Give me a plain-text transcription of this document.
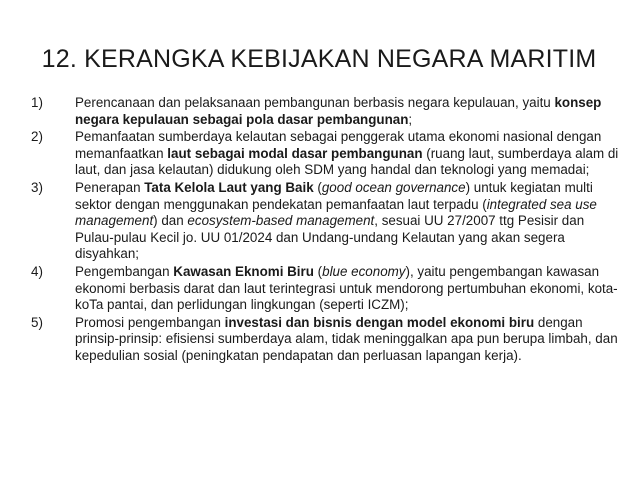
12. KERANGKA KEBIJAKAN NEGARA MARITIM
1)	Perencanaan dan pelaksanaan pembangunan berbasis negara kepulauan, yaitu konsep negara kepulauan sebagai pola dasar pembangunan;
2)	Pemanfaatan sumberdaya kelautan sebagai penggerak utama ekonomi nasional dengan memanfaatkan laut sebagai modal dasar pembangunan (ruang laut, sumberdaya alam di laut, dan jasa kelautan) didukung oleh SDM yang handal dan teknologi yang memadai;
3)	Penerapan Tata Kelola Laut yang Baik (good ocean governance) untuk kegiatan multi sektor dengan menggunakan pendekatan pemanfaatan laut terpadu (integrated sea use management) dan ecosystem-based management, sesuai UU 27/2007 ttg Pesisir dan Pulau-pulau Kecil jo. UU 01/2024 dan Undang-undang Kelautan yang akan segera disyahkan;
4)	Pengembangan Kawasan Eknomi Biru (blue economy), yaitu pengembangan kawasan ekonomi berbasis darat dan laut terintegrasi untuk mendorong pertumbuhan ekonomi, kota-koTa pantai, dan perlidungan lingkungan (seperti ICZM);
5)	Promosi pengembangan investasi dan bisnis dengan model ekonomi biru dengan prinsip-prinsip: efisiensi sumberdaya alam, tidak meninggalkan apa pun berupa limbah, dan kepedulian sosial (peningkatan pendapatan dan perluasan lapangan kerja).
